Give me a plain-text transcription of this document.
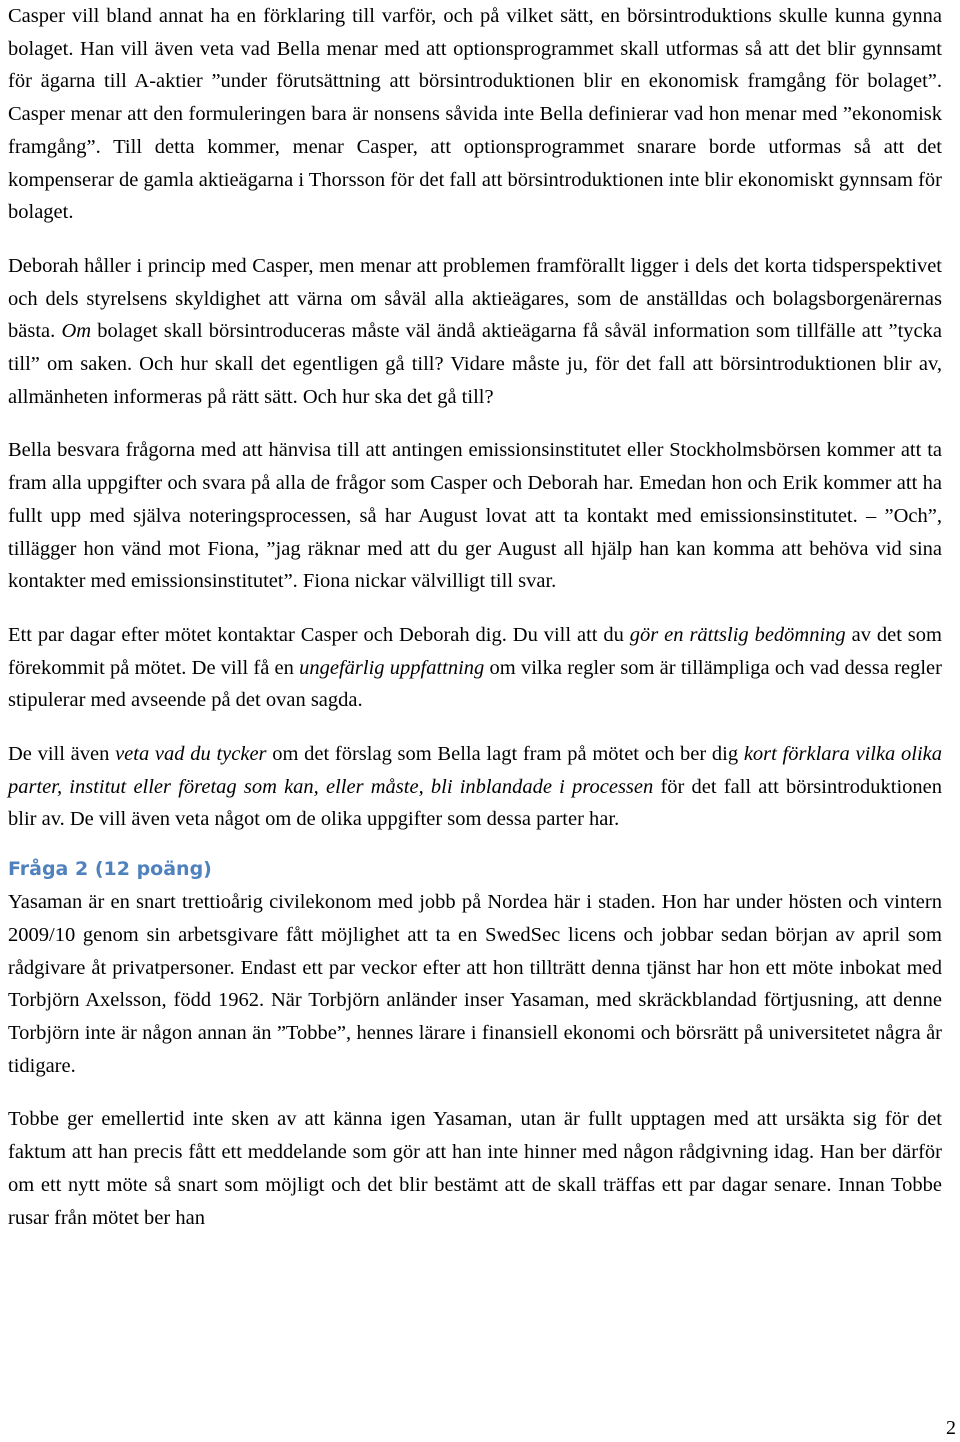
Casper vill bland annat ha en förklaring till varför, och på vilket sätt, en börsintroduktions skulle kunna gynna bolaget. Han vill även veta vad Bella menar med att optionsprogrammet skall utformas så att det blir gynnsamt för ägarna till A-aktier ”under förutsättning att börsintroduktionen blir en ekonomisk framgång för bolaget”. Casper menar att den formuleringen bara är nonsens såvida inte Bella definierar vad hon menar med ”ekonomisk framgång”. Till detta kommer, menar Casper, att optionsprogrammet snarare borde utformas så att det kompenserar de gamla aktieägarna i Thorsson för det fall att börsintroduktionen inte blir ekonomiskt gynnsam för bolaget.

Deborah håller i princip med Casper, men menar att problemen framförallt ligger i dels det korta tidsperspektivet och dels styrelsens skyldighet att värna om såväl alla aktieägares, som de anställdas och bolagsborgenärernas bästa. Om bolaget skall börsintroduceras måste väl ändå aktieägarna få såväl information som tillfälle att ”tycka till” om saken. Och hur skall det egentligen gå till? Vidare måste ju, för det fall att börsintroduktionen blir av, allmänheten informeras på rätt sätt. Och hur ska det gå till?

Bella besvara frågorna med att hänvisa till att antingen emissionsinstitutet eller Stockholmsbörsen kommer att ta fram alla uppgifter och svara på alla de frågor som Casper och Deborah har. Emedan hon och Erik kommer att ha fullt upp med själva noteringsprocessen, så har August lovat att ta kontakt med emissionsinstitutet. – ”Och”, tillägger hon vänd mot Fiona, ”jag räknar med att du ger August all hjälp han kan komma att behöva vid sina kontakter med emissionsinstitutet”. Fiona nickar välvilligt till svar.

Ett par dagar efter mötet kontaktar Casper och Deborah dig. Du vill att du gör en rättslig bedömning av det som förekommit på mötet. De vill få en ungefärlig uppfattning om vilka regler som är tillämpliga och vad dessa regler stipulerar med avseende på det ovan sagda.

De vill även veta vad du tycker om det förslag som Bella lagt fram på mötet och ber dig kort förklara vilka olika parter, institut eller företag som kan, eller måste, bli inblandade i processen för det fall att börsintroduktionen blir av. De vill även veta något om de olika uppgifter som dessa parter har.

Fråga 2 (12 poäng)

Yasaman är en snart trettioårig civilekonom med jobb på Nordea här i staden. Hon har under hösten och vintern 2009/10 genom sin arbetsgivare fått möjlighet att ta en SwedSec licens och jobbar sedan början av april som rådgivare åt privatpersoner. Endast ett par veckor efter att hon tillträtt denna tjänst har hon ett möte inbokat med Torbjörn Axelsson, född 1962. När Torbjörn anländer inser Yasaman, med skräckblandad förtjusning, att denne Torbjörn inte är någon annan än ”Tobbe”, hennes lärare i finansiell ekonomi och börsrätt på universitetet några år tidigare.

Tobbe ger emellertid inte sken av att känna igen Yasaman, utan är fullt upptagen med att ursäkta sig för det faktum att han precis fått ett meddelande som gör att han inte hinner med någon rådgivning idag. Han ber därför om ett nytt möte så snart som möjligt och det blir bestämt att de skall träffas ett par dagar senare. Innan Tobbe rusar från mötet ber han

2
